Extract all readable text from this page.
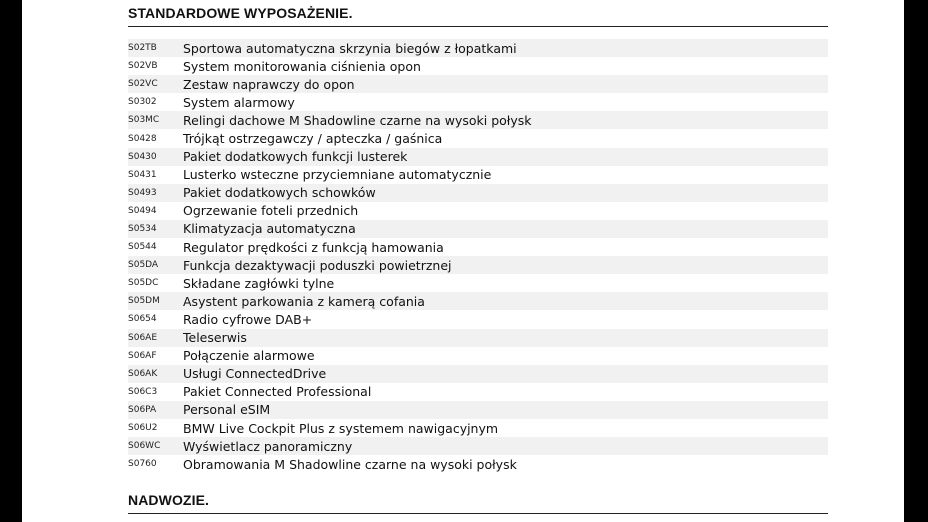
STANDARDOWE WYPOSAŻENIE.
S02TB	Sportowa automatyczna skrzynia biegów z łopatkami
S02VB	System monitorowania ciśnienia opon
S02VC	Zestaw naprawczy do opon
S0302	System alarmowy
S03MC	Relingi dachowe M Shadowline czarne na wysoki połysk
S0428	Trójkąt ostrzegawczy / apteczka / gaśnica
S0430	Pakiet dodatkowych funkcji lusterek
S0431	Lusterko wsteczne przyciemniane automatycznie
S0493	Pakiet dodatkowych schowków
S0494	Ogrzewanie foteli przednich
S0534	Klimatyzacja automatyczna
S0544	Regulator prędkości z funkcją hamowania
S05DA	Funkcja dezaktywacji poduszki powietrznej
S05DC	Składane zagłówki tylne
S05DM	Asystent parkowania z kamerą cofania
S0654	Radio cyfrowe DAB+
S06AE	Teleserwis
S06AF	Połączenie alarmowe
S06AK	Usługi ConnectedDrive
S06C3	Pakiet Connected Professional
S06PA	Personal eSIM
S06U2	BMW Live Cockpit Plus z systemem nawigacyjnym
S06WC	Wyświetlacz panoramiczny
S0760	Obramowania M Shadowline czarne na wysoki połysk
NADWOZIE.
